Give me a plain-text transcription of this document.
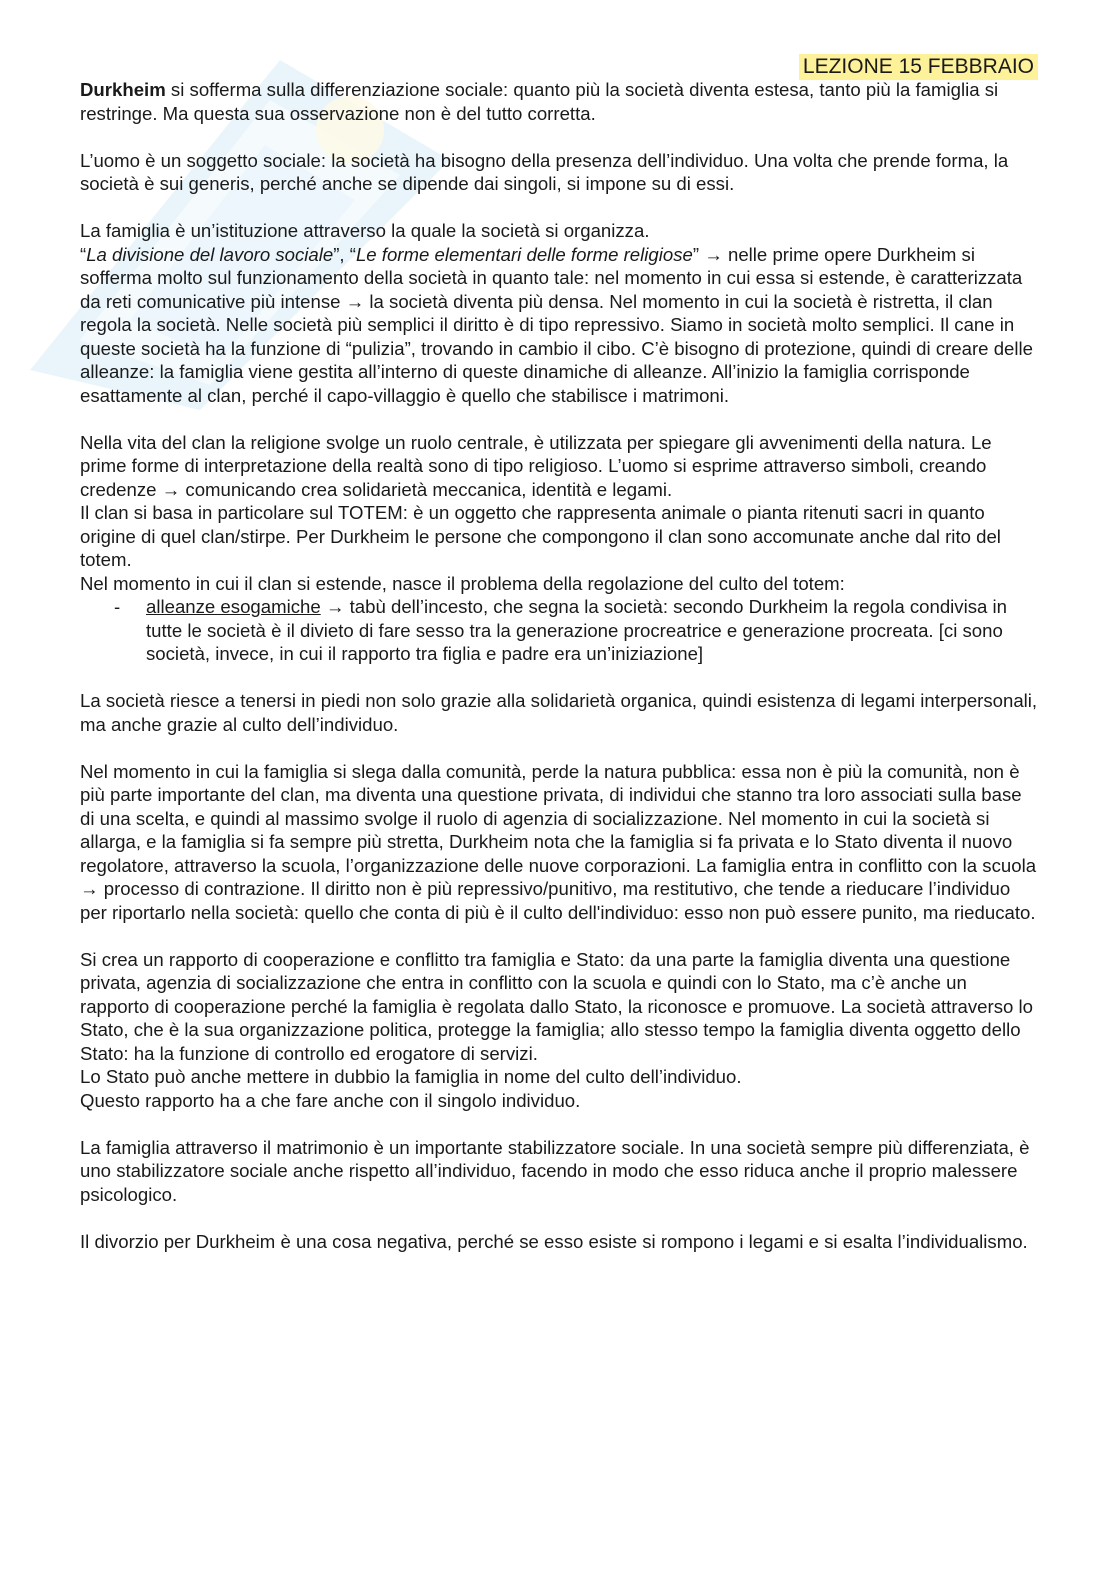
LEZIONE 15 FEBBRAIO

Durkheim si sofferma sulla differenziazione sociale: quanto più la società diventa estesa, tanto più la famiglia si restringe. Ma questa sua osservazione non è del tutto corretta.

L’uomo è un soggetto sociale: la società ha bisogno della presenza dell’individuo. Una volta che prende forma, la società è sui generis, perché anche se dipende dai singoli, si impone su di essi.

La famiglia è un’istituzione attraverso la quale la società si organizza.

“La divisione del lavoro sociale”, “Le forme elementari delle forme religiose” → nelle prime opere Durkheim si sofferma molto sul funzionamento della società in quanto tale: nel momento in cui essa si estende, è caratterizzata da reti comunicative più intense → la società diventa più densa. Nel momento in cui la società è ristretta, il clan regola la società. Nelle società più semplici il diritto è di tipo repressivo. Siamo in società molto semplici. Il cane in queste società ha la funzione di “pulizia”, trovando in cambio il cibo. C’è bisogno di protezione, quindi di creare delle alleanze: la famiglia viene gestita all’interno di queste dinamiche di alleanze. All’inizio la famiglia corrisponde esattamente al clan, perché il capo-villaggio è quello che stabilisce i matrimoni.

Nella vita del clan la religione svolge un ruolo centrale, è utilizzata per spiegare gli avvenimenti della natura. Le prime forme di interpretazione della realtà sono di tipo religioso. L’uomo si esprime attraverso simboli, creando credenze → comunicando crea solidarietà meccanica, identità e legami.

Il clan si basa in particolare sul TOTEM: è un oggetto che rappresenta animale o pianta ritenuti sacri in quanto origine di quel clan/stirpe. Per Durkheim le persone che compongono il clan sono accomunate anche dal rito del totem.

Nel momento in cui il clan si estende, nasce il problema della regolazione del culto del totem:

- alleanze esogamiche → tabù dell’incesto, che segna la società: secondo Durkheim la regola condivisa in tutte le società è il divieto di fare sesso tra la generazione procreatrice e generazione procreata. [ci sono società, invece, in cui il rapporto tra figlia e padre era un’iniziazione]

La società riesce a tenersi in piedi non solo grazie alla solidarietà organica, quindi esistenza di legami interpersonali, ma anche grazie al culto dell’individuo.

Nel momento in cui la famiglia si slega dalla comunità, perde la natura pubblica: essa non è più la comunità, non è più parte importante del clan, ma diventa una questione privata, di individui che stanno tra loro associati sulla base di una scelta, e quindi al massimo svolge il ruolo di agenzia di socializzazione. Nel momento in cui la società si allarga, e la famiglia si fa sempre più stretta, Durkheim nota che la famiglia si fa privata e lo Stato diventa il nuovo regolatore, attraverso la scuola, l’organizzazione delle nuove corporazioni. La famiglia entra in conflitto con la scuola → processo di contrazione. Il diritto non è più repressivo/punitivo, ma restitutivo, che tende a rieducare l’individuo per riportarlo nella società: quello che conta di più è il culto dell'individuo: esso non può essere punito, ma rieducato.

Si crea un rapporto di cooperazione e conflitto tra famiglia e Stato: da una parte la famiglia diventa una questione privata, agenzia di socializzazione che entra in conflitto con la scuola e quindi con lo Stato, ma c’è anche un rapporto di cooperazione perché la famiglia è regolata dallo Stato, la riconosce e promuove. La società attraverso lo Stato, che è la sua organizzazione politica, protegge la famiglia; allo stesso tempo la famiglia diventa oggetto dello Stato: ha la funzione di controllo ed erogatore di servizi.

Lo Stato può anche mettere in dubbio la famiglia in nome del culto dell’individuo.

Questo rapporto ha a che fare anche con il singolo individuo.

La famiglia attraverso il matrimonio è un importante stabilizzatore sociale. In una società sempre più differenziata, è uno stabilizzatore sociale anche rispetto all’individuo, facendo in modo che esso riduca anche il proprio malessere psicologico.

Il divorzio per Durkheim è una cosa negativa, perché se esso esiste si rompono i legami e si esalta l’individualismo.
